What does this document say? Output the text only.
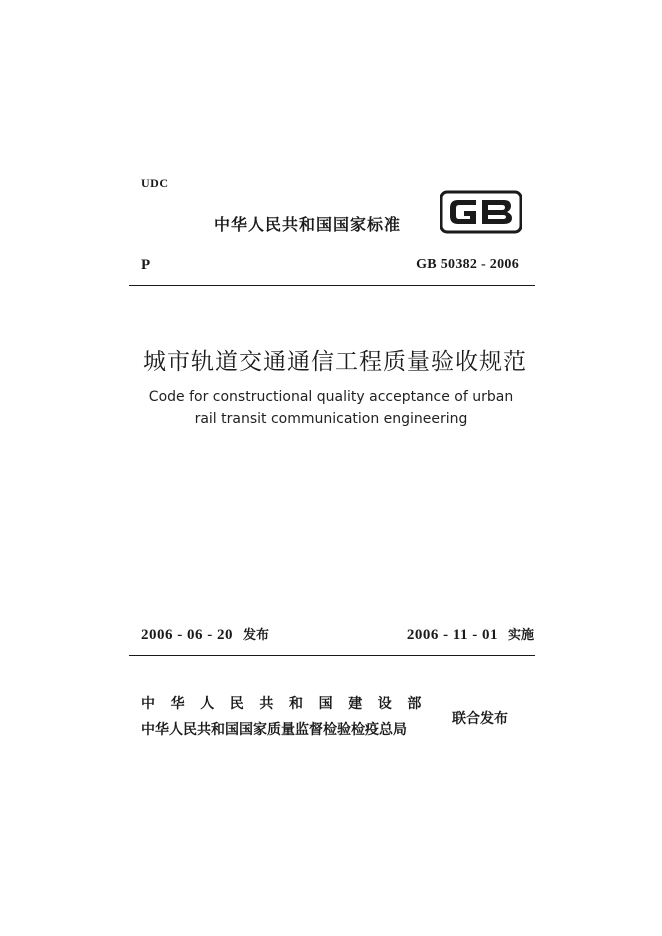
UDC
中华人民共和国国家标准
P	GB 50382 - 2006
城市轨道交通通信工程质量验收规范
Code for constructional quality acceptance of urban
rail transit communication engineering
2006 - 06 - 20 发布	2006 - 11 - 01 实施
中华人民共和国建设部
中华人民共和国国家质量监督检验检疫总局
联合发布
